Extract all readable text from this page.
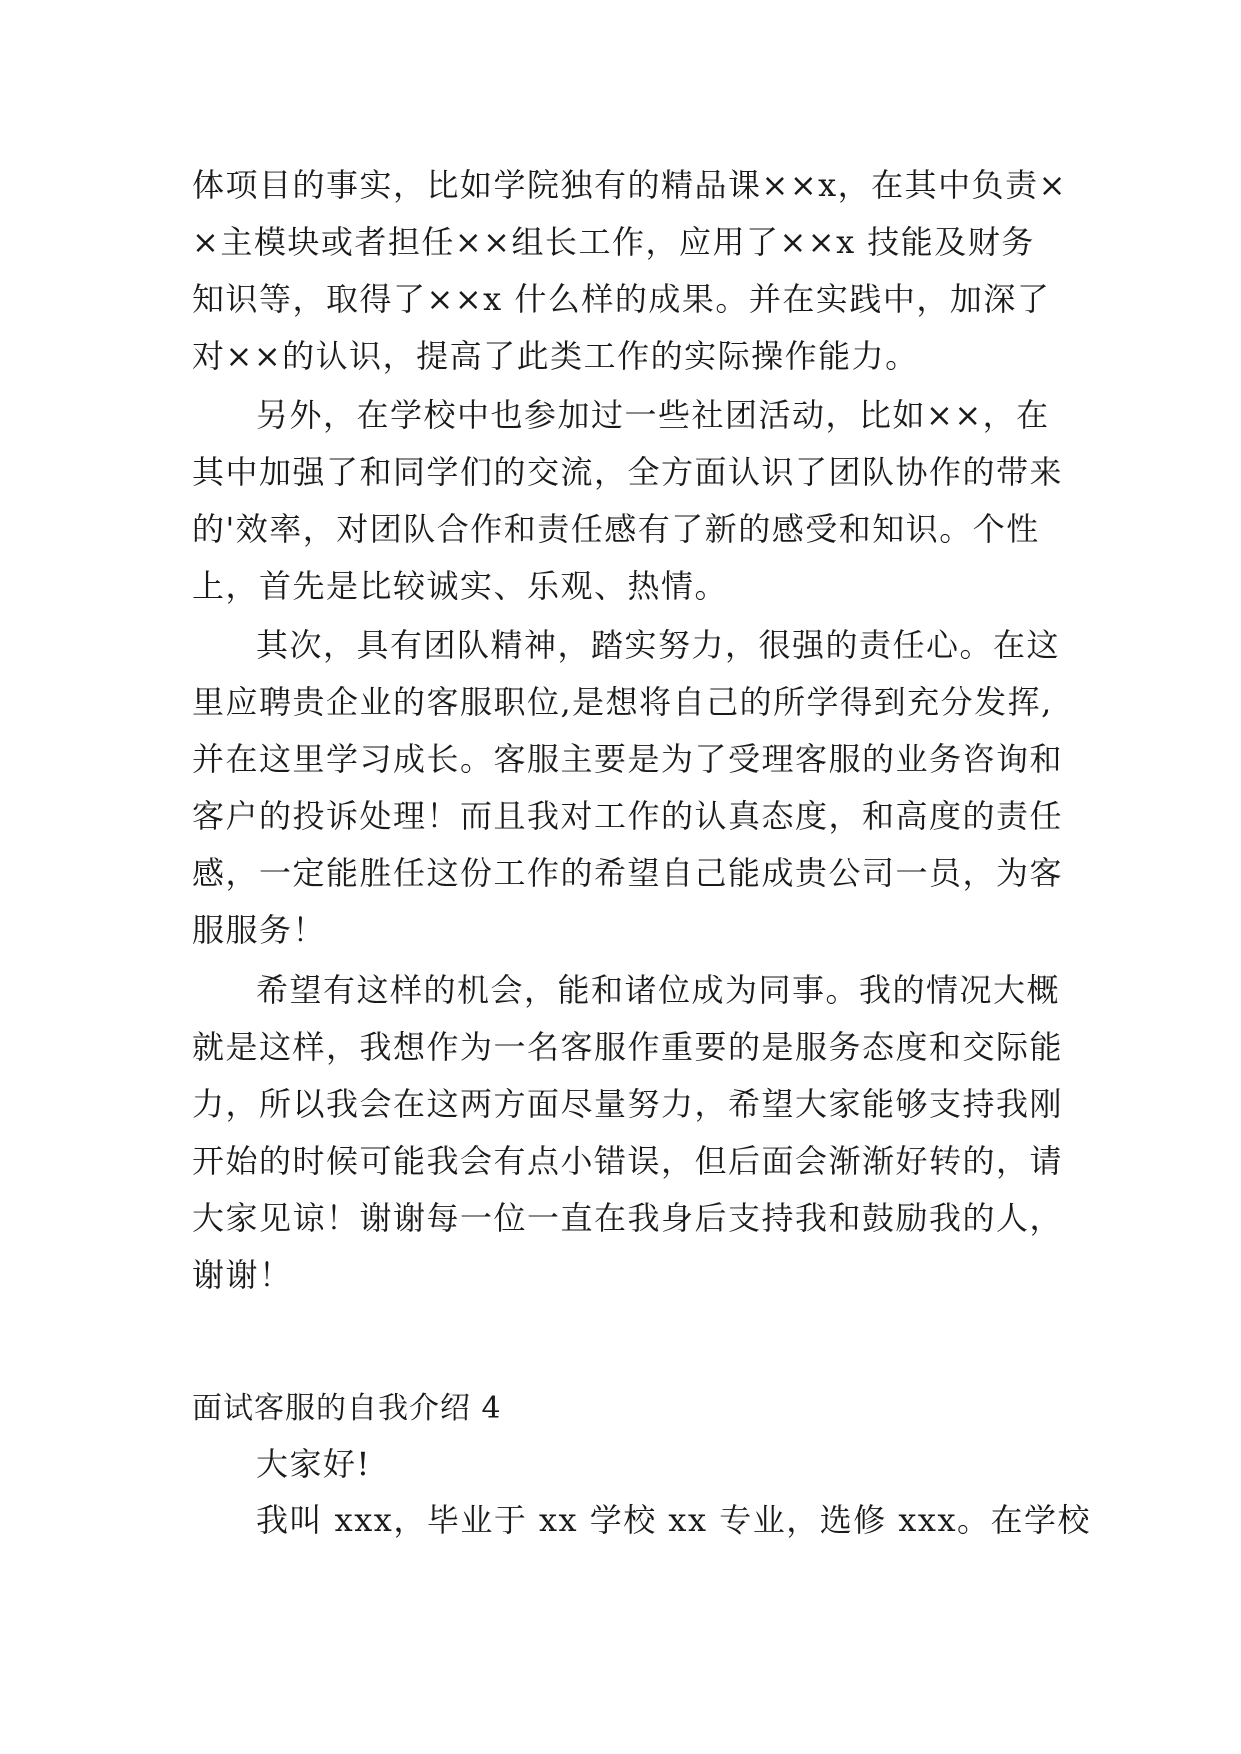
体项目的事实，比如学院独有的精品课××x，在其中负责×
×主模块或者担任××组长工作，应用了××x 技能及财务
知识等，取得了××x 什么样的成果。并在实践中，加深了
对××的认识，提高了此类工作的实际操作能力。
另外，在学校中也参加过一些社团活动，比如××，在
其中加强了和同学们的交流，全方面认识了团队协作的带来
的'效率，对团队合作和责任感有了新的感受和知识。个性
上，首先是比较诚实、乐观、热情。
其次，具有团队精神，踏实努力，很强的责任心。在这
里应聘贵企业的客服职位,是想将自己的所学得到充分发挥,
并在这里学习成长。客服主要是为了受理客服的业务咨询和
客户的投诉处理！而且我对工作的认真态度，和高度的责任
感，一定能胜任这份工作的希望自己能成贵公司一员，为客
服服务！
希望有这样的机会，能和诸位成为同事。我的情况大概
就是这样，我想作为一名客服作重要的是服务态度和交际能
力，所以我会在这两方面尽量努力，希望大家能够支持我刚
开始的时候可能我会有点小错误，但后面会渐渐好转的，请
大家见谅！谢谢每一位一直在我身后支持我和鼓励我的人，
谢谢！
面试客服的自我介绍 4
大家好!
我叫 xxx，毕业于 xx 学校 xx 专业，选修 xxx。在学校
